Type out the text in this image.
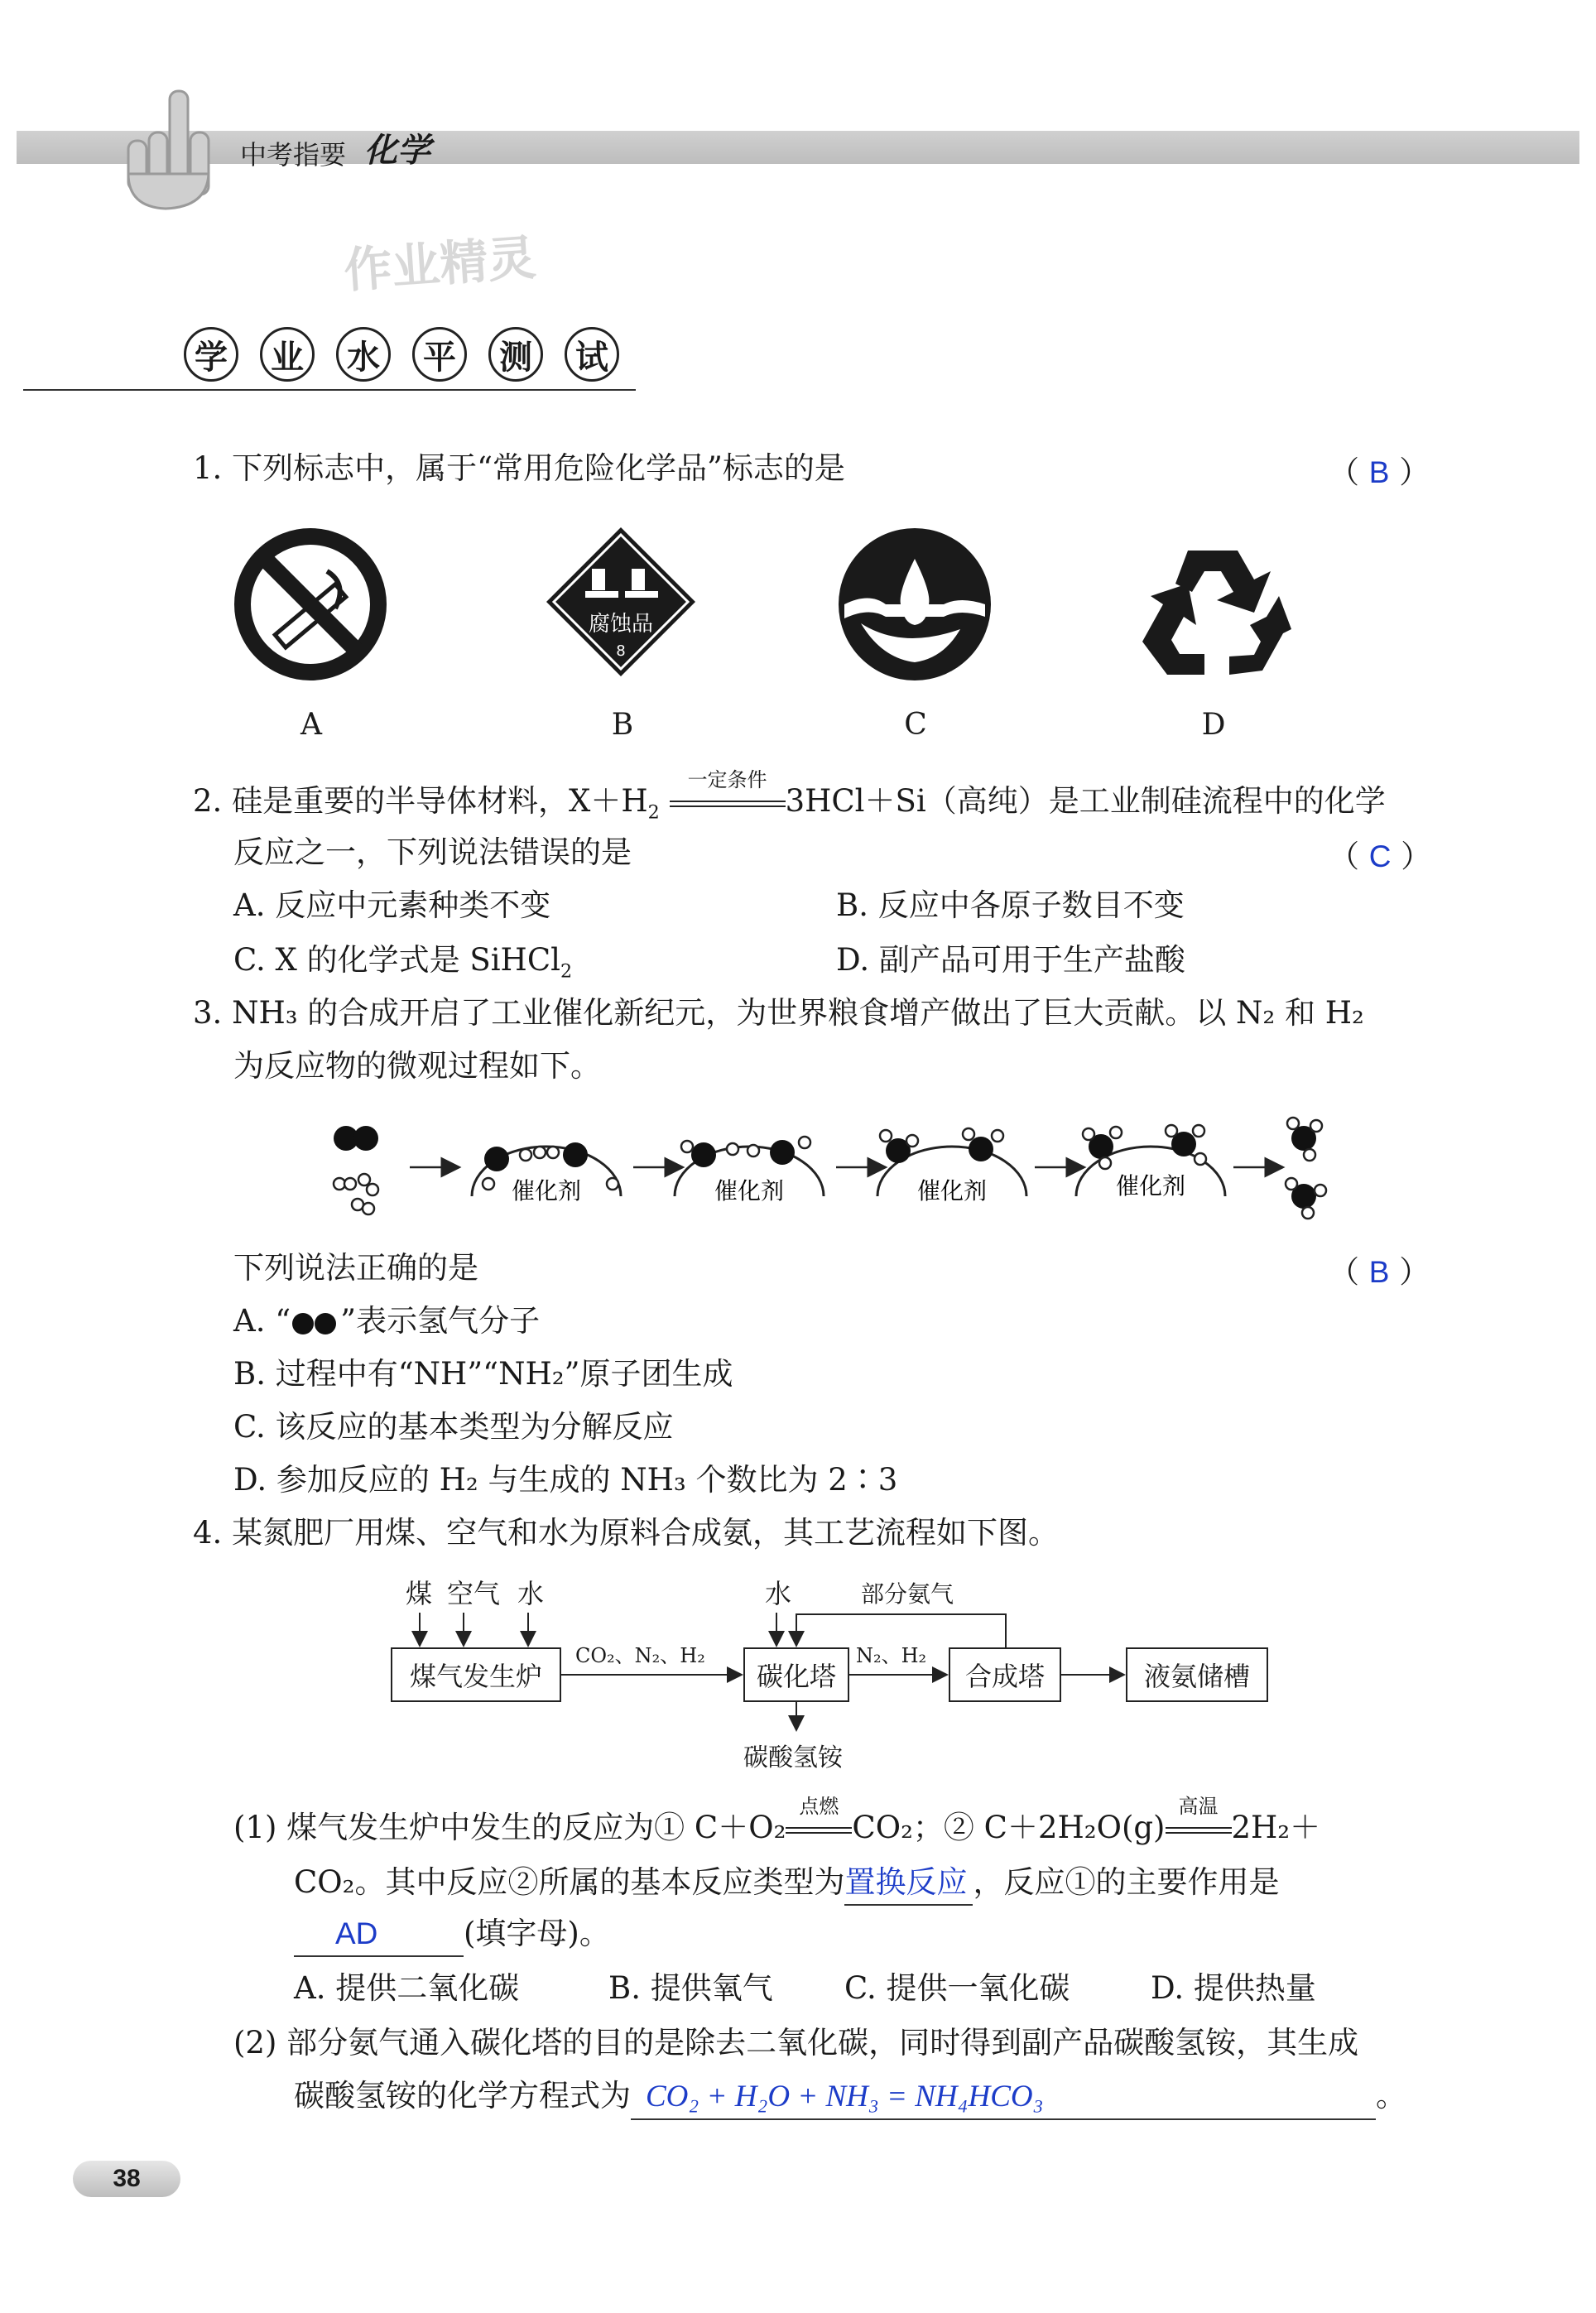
中考指要 化学
作业精灵
学	业	水	平	测	试
1. 下列标志中，属于“常用危险化学品”标志的是	（ B ）
腐蚀品
8
A	B	C	D
2. 硅是重要的半导体材料，$X+H_2$
一定条件
3HCl＋Si（高纯）是工业制硅流程中的化学
反应之一，下列说法错误的是	（ C ）
A. 反应中元素种类不变	B. 反应中各原子数目不变
C. X 的化学式是 SiHCl$_2$	D. 副产品可用于生产盐酸
3. NH₃ 的合成开启了工业催化新纪元，为世界粮食增产做出了巨大贡献。以 N₂ 和 H₂
为反应物的微观过程如下。
催化剂	催化剂	催化剂	催化剂
下列说法正确的是	（ B ）
A. “ ”表示氢气分子
B. 过程中有“NH”“NH₂”原子团生成
C. 该反应的基本类型为分解反应
D. 参加反应的 H₂ 与生成的 NH₃ 个数比为 2∶3
4. 某氮肥厂用煤、空气和水为原料合成氨，其工艺流程如下图。
煤 空气 水	水	部分氨气
煤气发生炉	碳化塔	合成塔	液氨储槽
CO₂、N₂、H₂	N₂、H₂
碳酸氢铵
(1) 煤气发生炉中发生的反应为① C＋O₂
点燃
CO₂；② C＋2H₂O(g)
高温
2H₂＋
CO₂。其中反应②所属的基本反应类型为置换反应 ，反应①的主要作用是
AD	(填字母)。
A. 提供二氧化碳	B. 提供氧气 C. 提供一氧化碳	D. 提供热量
(2) 部分氨气通入碳化塔的目的是除去二氧化碳，同时得到副产品碳酸氢铵，其生成
碳酸氢铵的化学方程式为 CO₂ + H₂O + NH₃ = NH₄HCO₃	。
38
